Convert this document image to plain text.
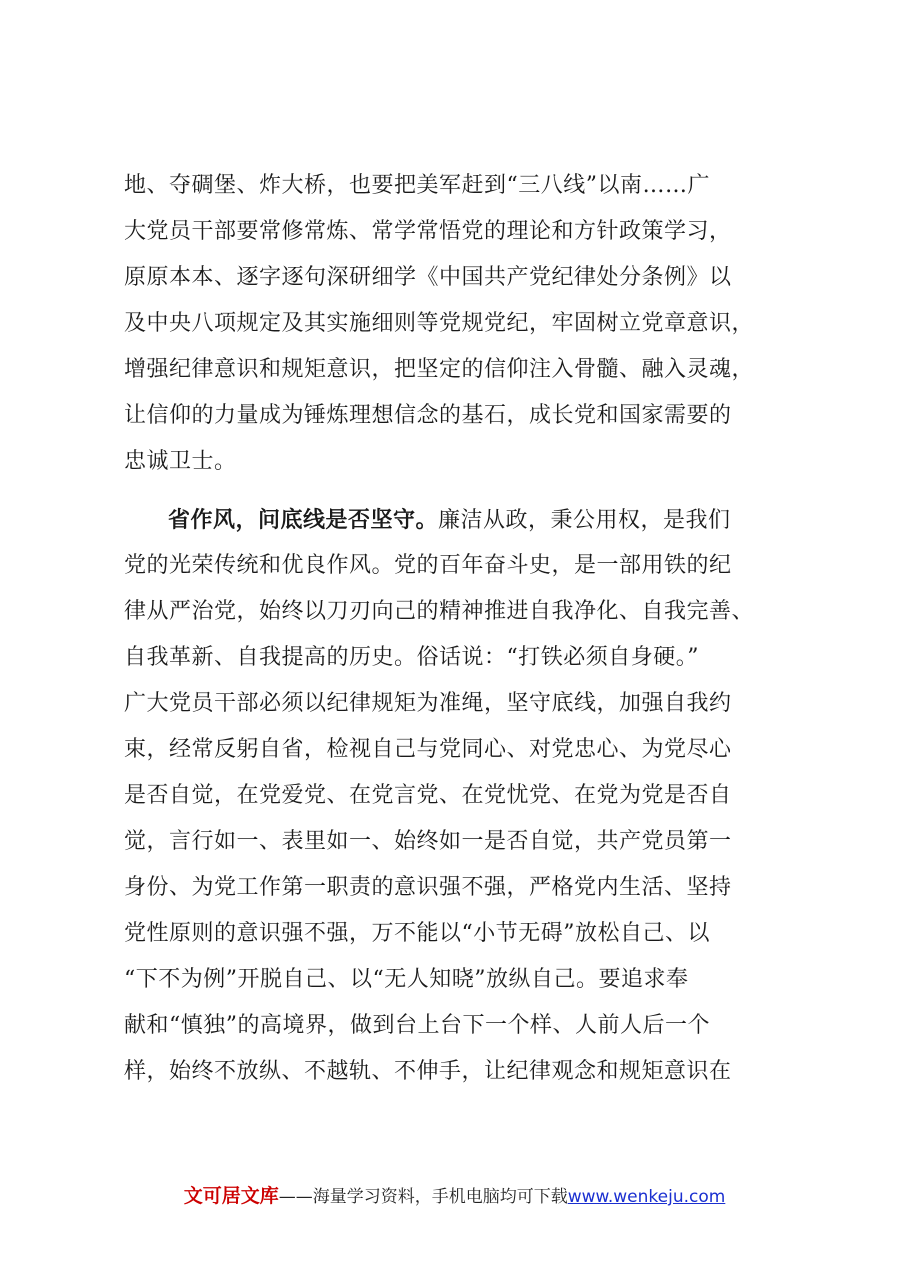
地、夺碉堡、炸大桥，也要把美军赶到“三八线”以南……广
大党员干部要常修常炼、常学常悟党的理论和方针政策学习，
原原本本、逐字逐句深研细学《中国共产党纪律处分条例》以
及中央八项规定及其实施细则等党规党纪，牢固树立党章意识，
增强纪律意识和规矩意识，把坚定的信仰注入骨髓、融入灵魂，
让信仰的力量成为锤炼理想信念的基石，成长党和国家需要的
忠诚卫士。
省作风，问底线是否坚守。廉洁从政，秉公用权，是我们
党的光荣传统和优良作风。党的百年奋斗史，是一部用铁的纪
律从严治党，始终以刀刃向己的精神推进自我净化、自我完善、
自我革新、自我提高的历史。俗话说：“打铁必须自身硬。”
广大党员干部必须以纪律规矩为准绳，坚守底线，加强自我约
束，经常反躬自省，检视自己与党同心、对党忠心、为党尽心
是否自觉，在党爱党、在党言党、在党忧党、在党为党是否自
觉，言行如一、表里如一、始终如一是否自觉，共产党员第一
身份、为党工作第一职责的意识强不强，严格党内生活、坚持
党性原则的意识强不强，万不能以“小节无碍”放松自己、以
“下不为例”开脱自己、以“无人知晓”放纵自己。要追求奉
献和“慎独”的高境界，做到台上台下一个样、人前人后一个
样，始终不放纵、不越轨、不伸手，让纪律观念和规矩意识在
文可居文库——海量学习资料，手机电脑均可下载www.wenkeju.com
